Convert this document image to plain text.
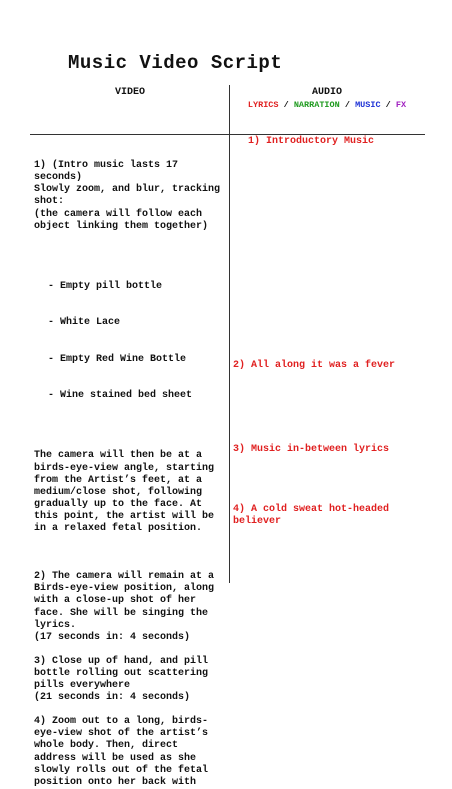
Music Video Script
VIDEO	AUDIO
LYRICS / NARRATION / MUSIC / FX

1) (Intro music lasts 17 seconds)
Slowly zoom, and blur, tracking shot:
(the camera will follow each object linking them together)

- Empty pill bottle

- White Lace

- Empty Red Wine Bottle

- Wine stained bed sheet

The camera will then be at a birds-eye-view angle, starting from the Artist’s feet, at a medium/close shot, following gradually up to the face. At this point, the artist will be in a relaxed fetal position.

2) The camera will remain at a Birds-eye-view position, along with a close-up shot of her face. She will be singing the lyrics.
(17 seconds in: 4 seconds)
3) Close up of hand, and pill bottle rolling out scattering pills everywhere
(21 seconds in: 4 seconds)
4) Zoom out to a long, birds-eye-view shot of the artist’s whole body. Then, direct address will be used as she slowly rolls out of the fetal position onto her back with
1) Introductory Music
2) All along it was a fever
3) Music in-between lyrics
4) A cold sweat hot-headed believer
